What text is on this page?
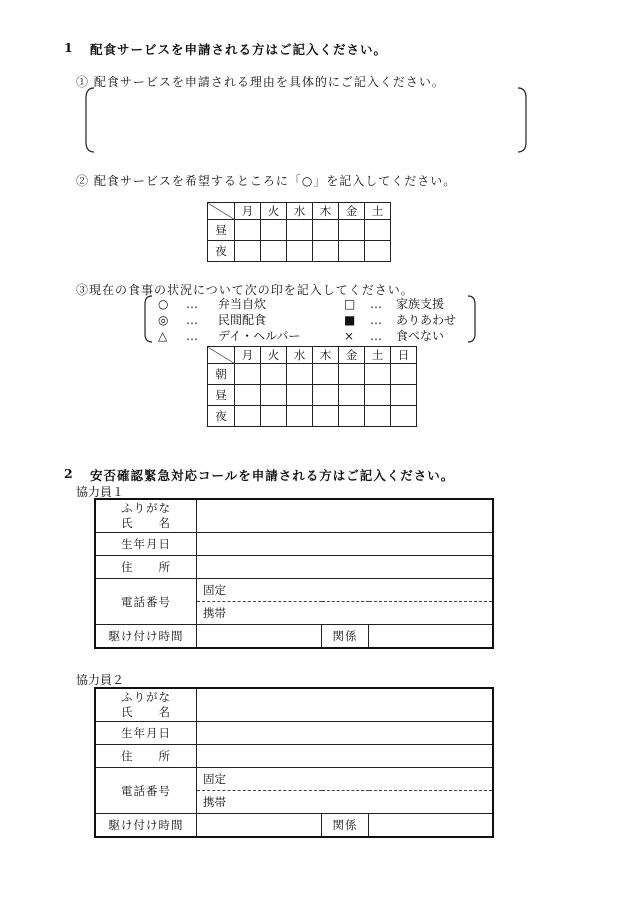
1 配食サービスを申請される方はご記入ください。
① 配食サービスを申請される理由を具体的にご記入ください。
② 配食サービスを希望するところに「○」を記入してください。
	月	火	水	木	金	土
昼						
夜						
③現在の食事の状況について次の印を記入してください。
○ … 弁当自炊	□ … 家族支援
◎ … 民間配食	■ … ありあわせ
△ … デイ・ヘルパー	× … 食べない
	月	火	水	木	金	土	日
朝							
昼							
夜							
2 安否確認緊急対応コールを申請される方はご記入ください。
協力員１
ふりがな
氏　　名			

生年月日			
住　　所			
電話番号	固定		
	携帯		
駆け付け時間		関係	
協力員２
ふりがな
氏　　名			

生年月日			
住　　所			
電話番号	固定		
	携帯		
駆け付け時間		関係	
